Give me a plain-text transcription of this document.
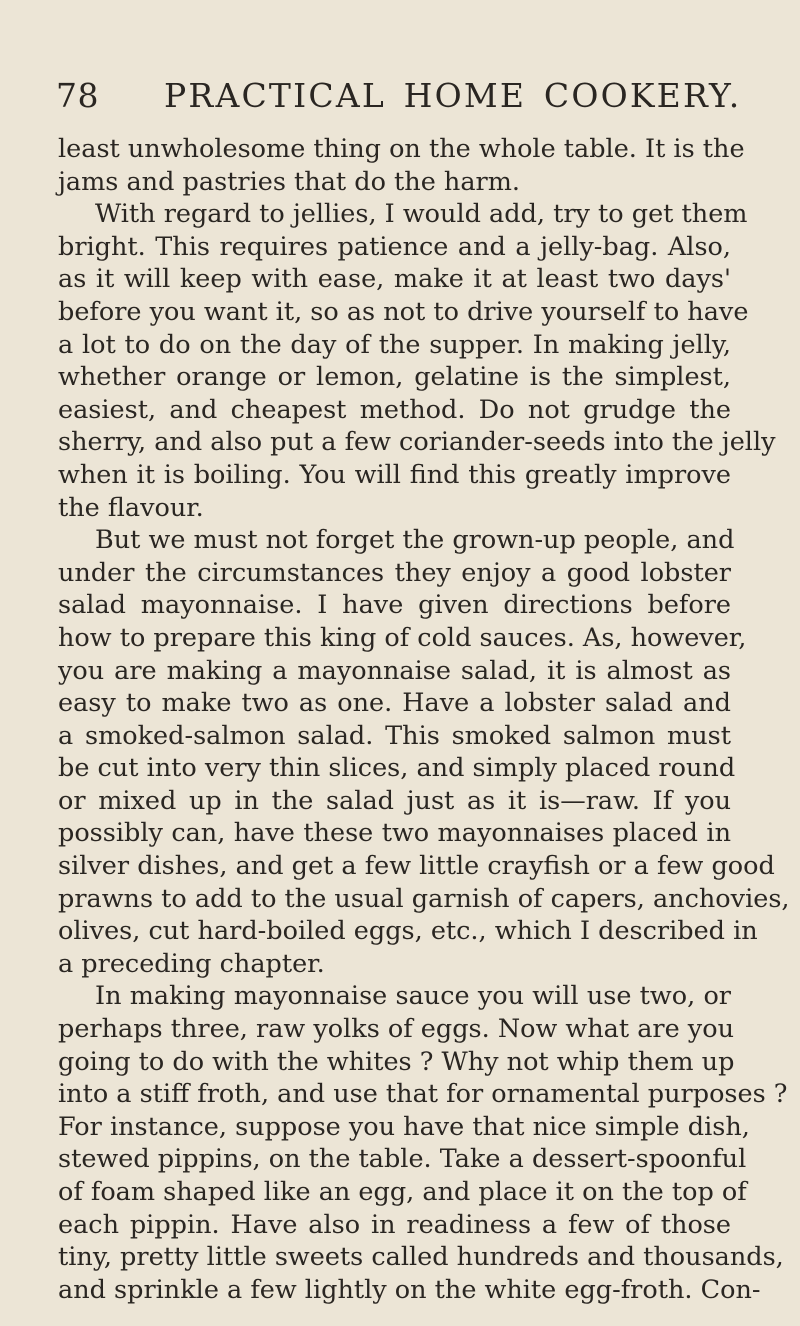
78 PRACTICAL HOME COOKERY.
least unwholesome thing on the whole table. It is the
jams and pastries that do the harm.
With regard to jellies, I would add, try to get them
bright. This requires patience and a jelly-bag. Also,
as it will keep with ease, make it at least two days'
before you want it, so as not to drive yourself to have
a lot to do on the day of the supper. In making jelly,
whether orange or lemon, gelatine is the simplest,
easiest, and cheapest method. Do not grudge the
sherry, and also put a few coriander-seeds into the jelly
when it is boiling. You will find this greatly improve
the flavour.
But we must not forget the grown-up people, and
under the circumstances they enjoy a good lobster
salad mayonnaise. I have given directions before
how to prepare this king of cold sauces. As, however,
you are making a mayonnaise salad, it is almost as
easy to make two as one. Have a lobster salad and
a smoked-salmon salad. This smoked salmon must
be cut into very thin slices, and simply placed round
or mixed up in the salad just as it is—raw. If you
possibly can, have these two mayonnaises placed in
silver dishes, and get a few little crayfish or a few good
prawns to add to the usual garnish of capers, anchovies,
olives, cut hard-boiled eggs, etc., which I described in
a preceding chapter.
In making mayonnaise sauce you will use two, or
perhaps three, raw yolks of eggs. Now what are you
going to do with the whites ? Why not whip them up
into a stiff froth, and use that for ornamental purposes ?
For instance, suppose you have that nice simple dish,
stewed pippins, on the table. Take a dessert-spoonful
of foam shaped like an egg, and place it on the top of
each pippin. Have also in readiness a few of those
tiny, pretty little sweets called hundreds and thousands,
and sprinkle a few lightly on the white egg-froth. Con-
